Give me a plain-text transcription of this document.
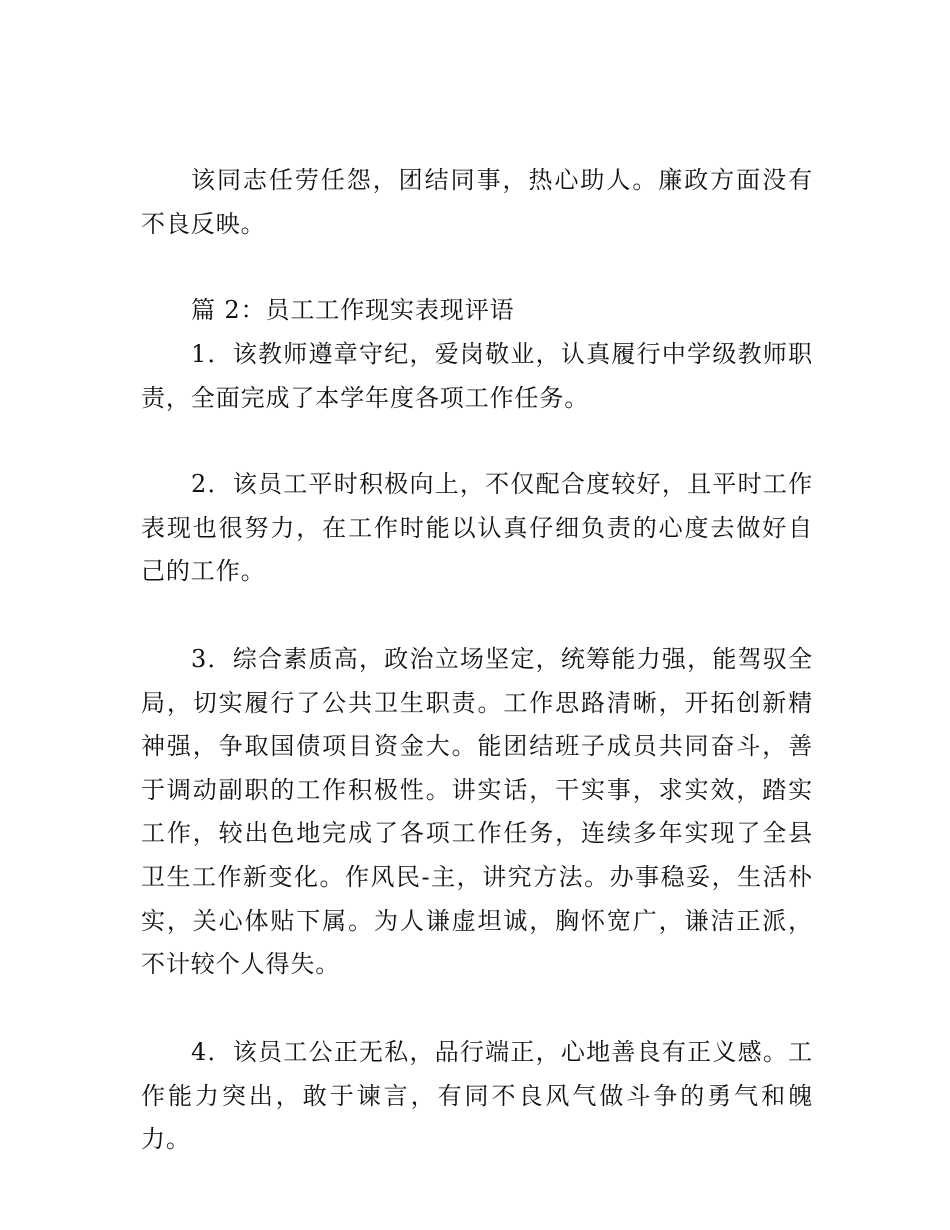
该同志任劳任怨，团结同事，热心助人。廉政方面没有不良反映。

篇 2：员工工作现实表现评语

1．该教师遵章守纪，爱岗敬业，认真履行中学级教师职责，全面完成了本学年度各项工作任务。

2．该员工平时积极向上，不仅配合度较好，且平时工作表现也很努力，在工作时能以认真仔细负责的心度去做好自己的工作。

3．综合素质高，政治立场坚定，统筹能力强，能驾驭全局，切实履行了公共卫生职责。工作思路清晰，开拓创新精神强，争取国债项目资金大。能团结班子成员共同奋斗，善于调动副职的工作积极性。讲实话，干实事，求实效，踏实工作，较出色地完成了各项工作任务，连续多年实现了全县卫生工作新变化。作风民-主，讲究方法。办事稳妥，生活朴实，关心体贴下属。为人谦虚坦诚，胸怀宽广，谦洁正派，不计较个人得失。

4．该员工公正无私，品行端正，心地善良有正义感。工作能力突出，敢于谏言，有同不良风气做斗争的勇气和魄力。
